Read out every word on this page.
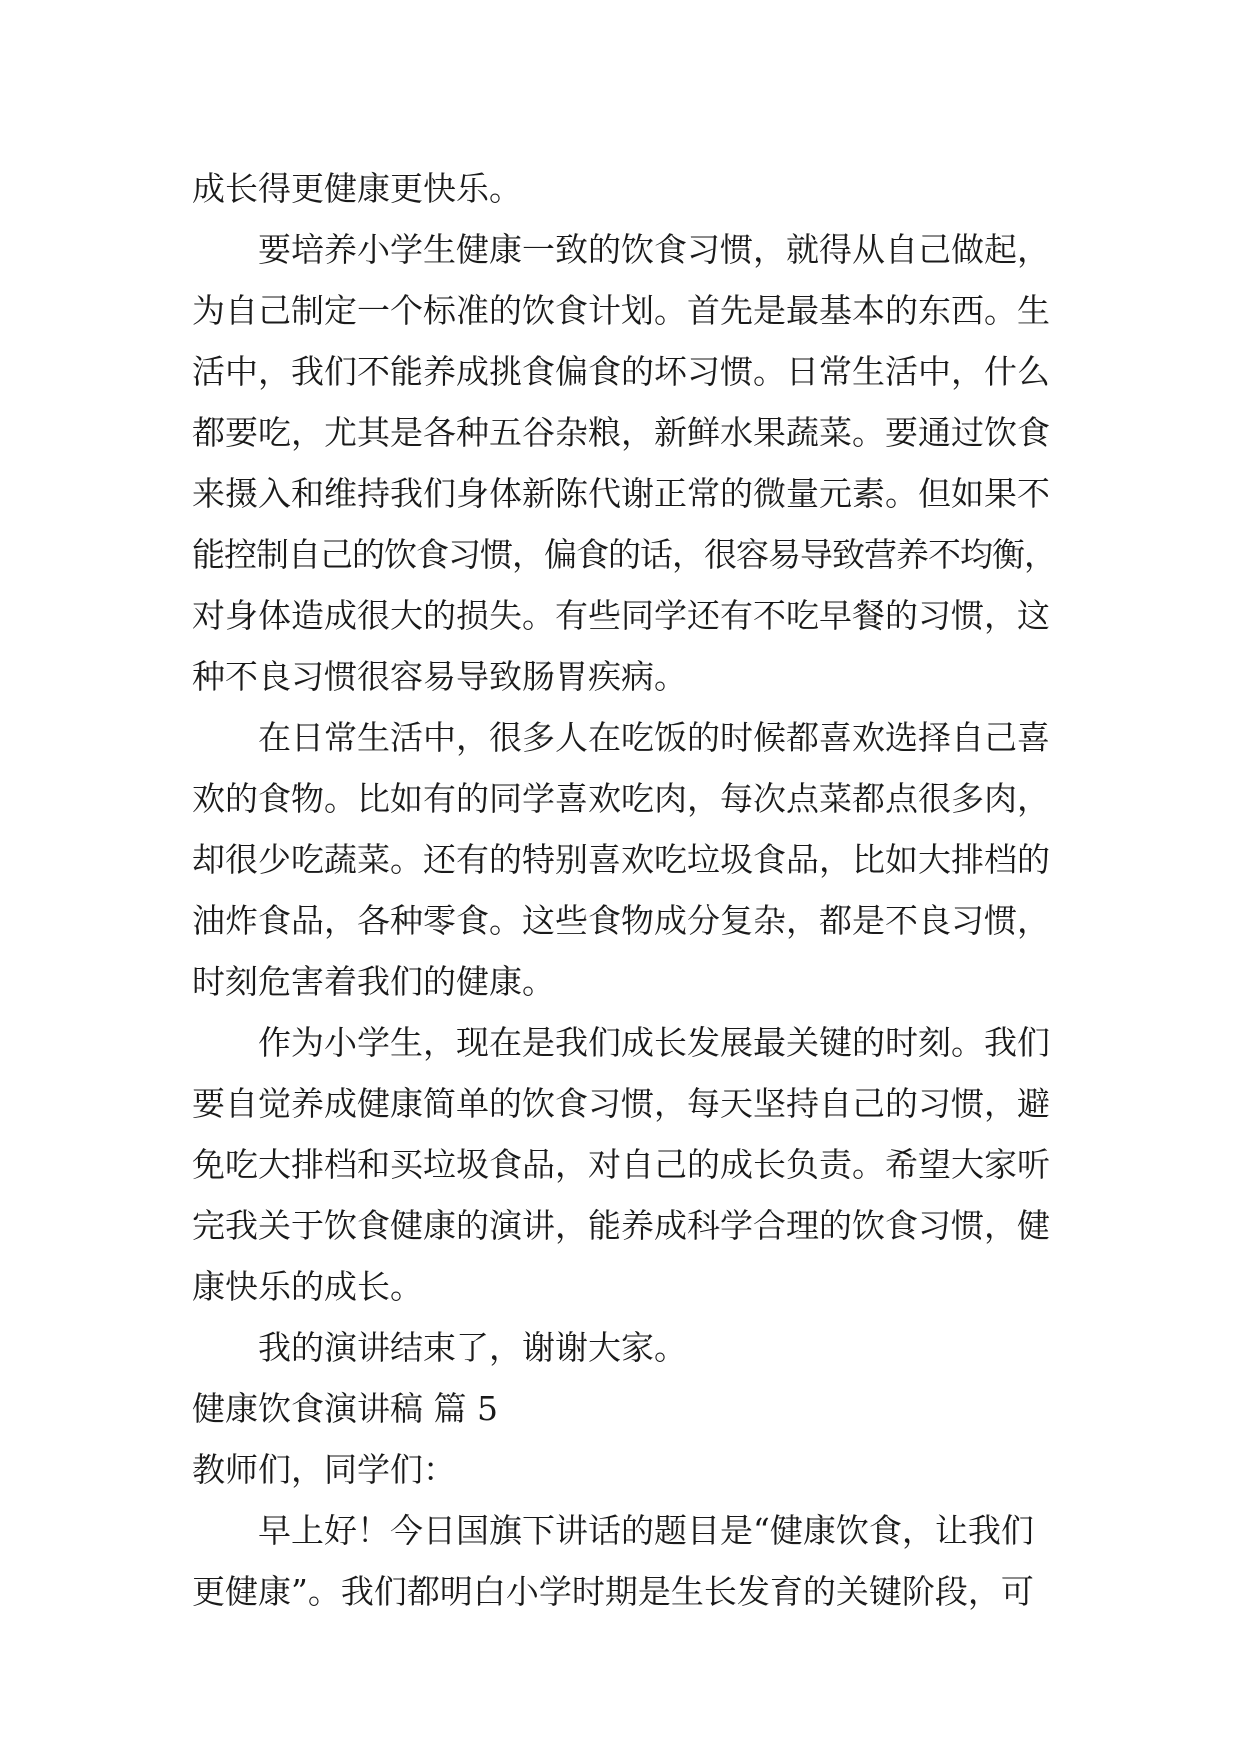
成长得更健康更快乐。
要培养小学生健康一致的饮食习惯，就得从自己做起，
为自己制定一个标准的饮食计划。首先是最基本的东西。生
活中，我们不能养成挑食偏食的坏习惯。日常生活中，什么
都要吃，尤其是各种五谷杂粮，新鲜水果蔬菜。要通过饮食
来摄入和维持我们身体新陈代谢正常的微量元素。但如果不
能控制自己的饮食习惯，偏食的话，很容易导致营养不均衡，
对身体造成很大的损失。有些同学还有不吃早餐的习惯，这
种不良习惯很容易导致肠胃疾病。
在日常生活中，很多人在吃饭的时候都喜欢选择自己喜
欢的食物。比如有的同学喜欢吃肉，每次点菜都点很多肉，
却很少吃蔬菜。还有的特别喜欢吃垃圾食品，比如大排档的
油炸食品，各种零食。这些食物成分复杂，都是不良习惯，
时刻危害着我们的健康。
作为小学生，现在是我们成长发展最关键的时刻。我们
要自觉养成健康简单的饮食习惯，每天坚持自己的习惯，避
免吃大排档和买垃圾食品，对自己的成长负责。希望大家听
完我关于饮食健康的演讲，能养成科学合理的饮食习惯，健
康快乐的成长。
我的演讲结束了，谢谢大家。
健康饮食演讲稿 篇 5
教师们，同学们：
早上好！今日国旗下讲话的题目是“健康饮食，让我们
更健康”。我们都明白小学时期是生长发育的关键阶段，可
